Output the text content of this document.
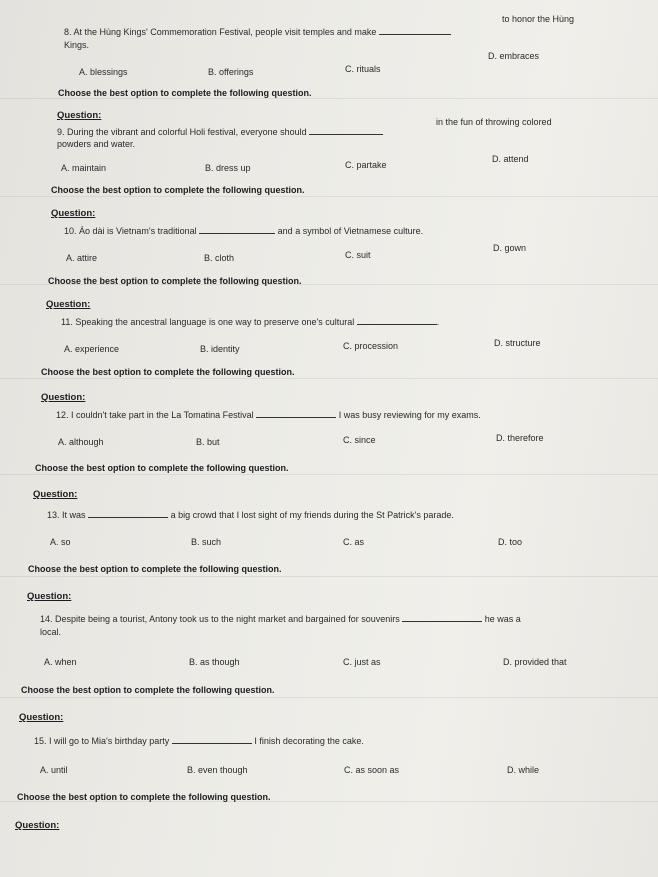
8. At the Hùng Kings' Commemoration Festival, people visit temples and make
to honor the Hùng
Kings.
A. blessings	B. offerings	C. rituals
D. embraces
Choose the best option to complete the following question.
Question:
9. During the vibrant and colorful Holi festival, everyone should
in the fun of throwing colored
powders and water.
A. maintain	B. dress up	C. partake
D. attend
Choose the best option to complete the following question.
Question:
10. Áo dài is Vietnam's traditional	and a symbol of Vietnamese culture.
A. attire	B. cloth	C. suit
D. gown
Choose the best option to complete the following question.
Question:
11. Speaking the ancestral language is one way to preserve one's cultural	.
A. experience	B. identity	C. procession	D. structure
Choose the best option to complete the following question.
Question:
12. I couldn't take part in the La Tomatina Festival	I was busy reviewing for my exams.
A. although	B. but	C. since	D. therefore
Choose the best option to complete the following question.
Question:
13. It was	a big crowd that I lost sight of my friends during the St Patrick's parade.
A. so	B. such	C. as	D. too
Choose the best option to complete the following question.
Question:
14. Despite being a tourist, Antony took us to the night market and bargained for souvenirs	he was a
local.
A. when	B. as though	C. just as	D. provided that
Choose the best option to complete the following question.
Question:
15. I will go to Mia's birthday party	I finish decorating the cake.
A. until	B. even though	C. as soon as	D. while
Choose the best option to complete the following question.
Question:
